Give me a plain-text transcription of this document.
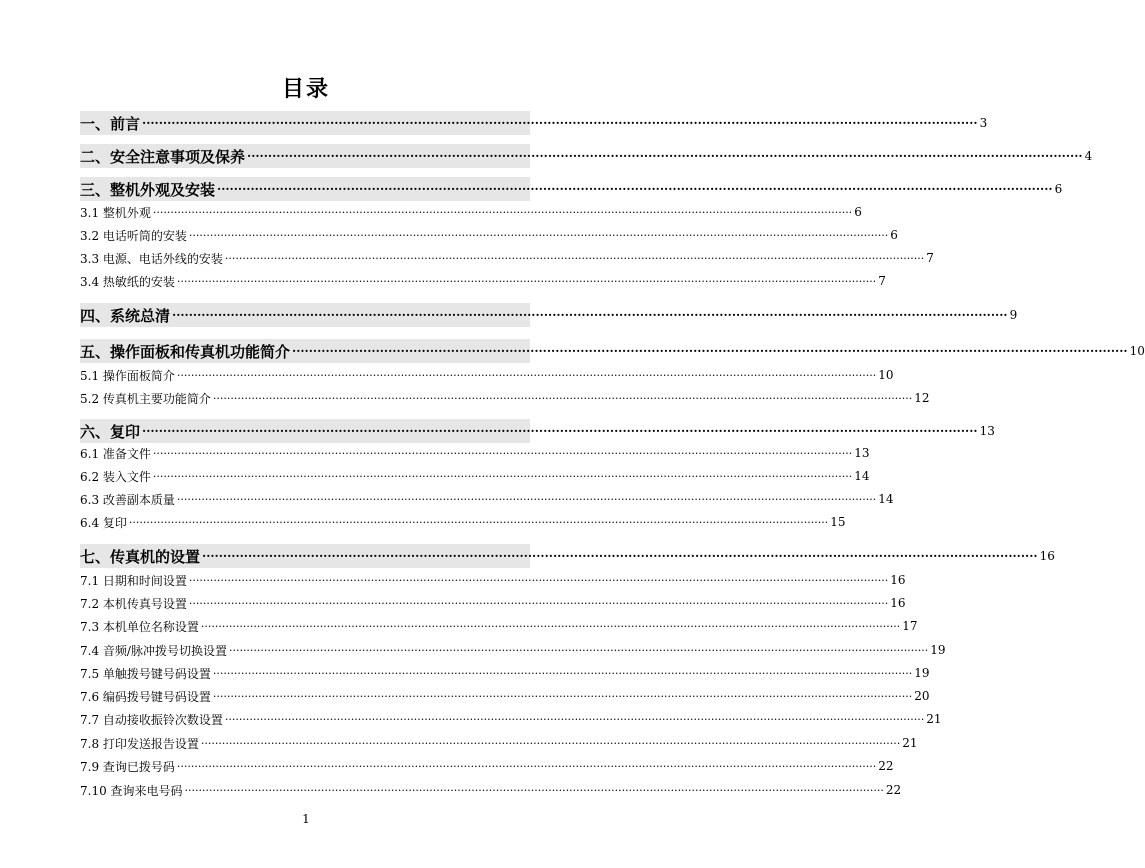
目录
一、前言 ········································································································································································································ 3
二、安全注意事项及保养 ········································································································································································································ 4
三、整机外观及安装 ········································································································································································································ 6
3.1 整机外观 ········································································································································································································ 6
3.2 电话听筒的安装 ········································································································································································································ 6
3.3 电源、电话外线的安装 ········································································································································································································ 7
3.4 热敏纸的安装 ········································································································································································································ 7
四、系统总清 ········································································································································································································ 9
五、操作面板和传真机功能简介 ········································································································································································································ 10
5.1 操作面板简介 ········································································································································································································ 10
5.2 传真机主要功能简介 ········································································································································································································ 12
六、复印 ········································································································································································································ 13
6.1 准备文件 ········································································································································································································ 13
6.2 装入文件 ········································································································································································································ 14
6.3 改善副本质量 ········································································································································································································ 14
6.4 复印 ········································································································································································································ 15
七、传真机的设置 ········································································································································································································ 16
7.1 日期和时间设置 ········································································································································································································ 16
7.2 本机传真号设置 ········································································································································································································ 16
7.3 本机单位名称设置 ········································································································································································································ 17
7.4 音频/脉冲拨号切换设置 ········································································································································································································ 19
7.5 单触拨号键号码设置 ········································································································································································································ 19
7.6 编码拨号键号码设置 ········································································································································································································ 20
7.7 自动接收振铃次数设置 ········································································································································································································ 21
7.8 打印发送报告设置 ········································································································································································································ 21
7.9 查询已拨号码 ········································································································································································································ 22
7.10 查询来电号码 ········································································································································································································ 22
1
